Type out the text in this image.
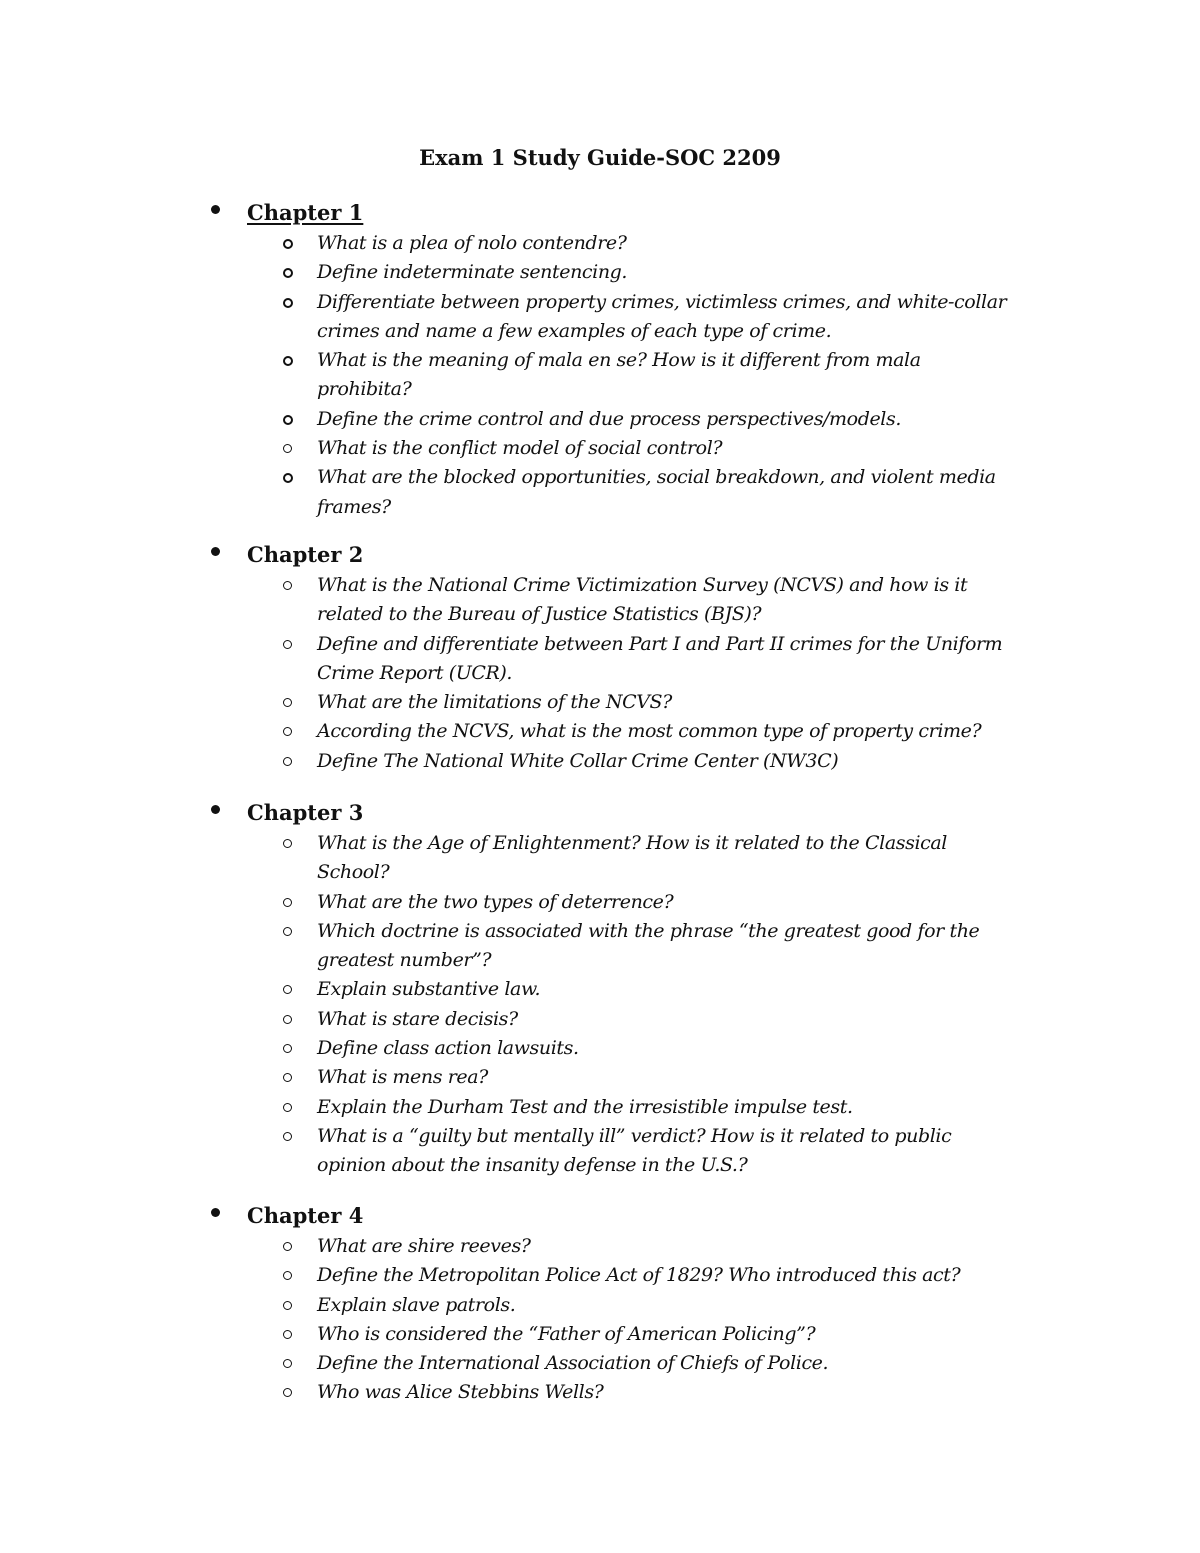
Exam 1 Study Guide-SOC 2209
Chapter 1
What is a plea of nolo contendre?
Define indeterminate sentencing.
Differentiate between property crimes, victimless crimes, and white-collar crimes and name a few examples of each type of crime.
What is the meaning of mala en se? How is it different from mala prohibita?
Define the crime control and due process perspectives/models.
What is the conflict model of social control?
What are the blocked opportunities, social breakdown, and violent media frames?
Chapter 2
What is the National Crime Victimization Survey (NCVS) and how is it related to the Bureau of Justice Statistics (BJS)?
Define and differentiate between Part I and Part II crimes for the Uniform Crime Report (UCR).
What are the limitations of the NCVS?
According the NCVS, what is the most common type of property crime?
Define The National White Collar Crime Center (NW3C)
Chapter 3
What is the Age of Enlightenment? How is it related to the Classical School?
What are the two types of deterrence?
Which doctrine is associated with the phrase “the greatest good for the greatest number”?
Explain substantive law.
What is stare decisis?
Define class action lawsuits.
What is mens rea?
Explain the Durham Test and the irresistible impulse test.
What is a “guilty but mentally ill” verdict? How is it related to public opinion about the insanity defense in the U.S.?
Chapter 4
What are shire reeves?
Define the Metropolitan Police Act of 1829? Who introduced this act?
Explain slave patrols.
Who is considered the “Father of American Policing”?
Define the International Association of Chiefs of Police.
Who was Alice Stebbins Wells?
